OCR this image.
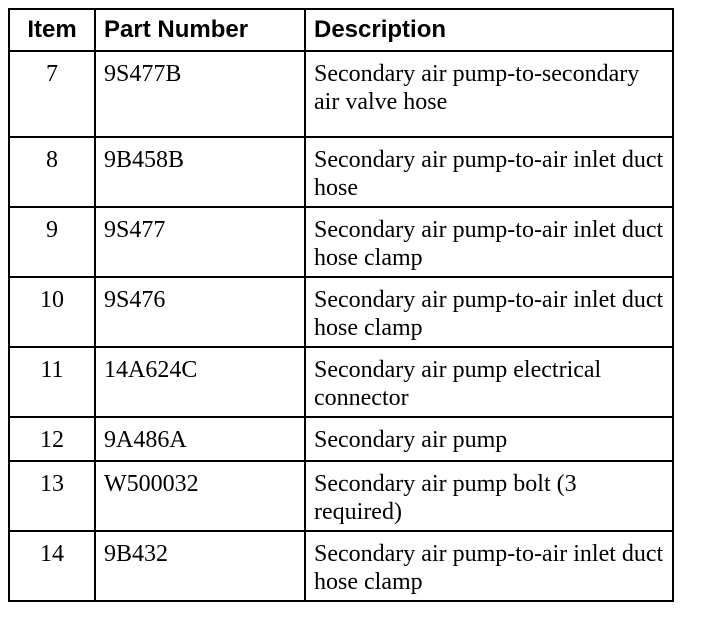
Item	Part Number	Description
7	9S477B	Secondary air pump-to-secondary air valve hose
8	9B458B	Secondary air pump-to-air inlet duct hose
9	9S477	Secondary air pump-to-air inlet duct hose clamp
10	9S476	Secondary air pump-to-air inlet duct hose clamp
11	14A624C	Secondary air pump electrical connector
12	9A486A	Secondary air pump
13	W500032	Secondary air pump bolt (3 required)
14	9B432	Secondary air pump-to-air inlet duct hose clamp
